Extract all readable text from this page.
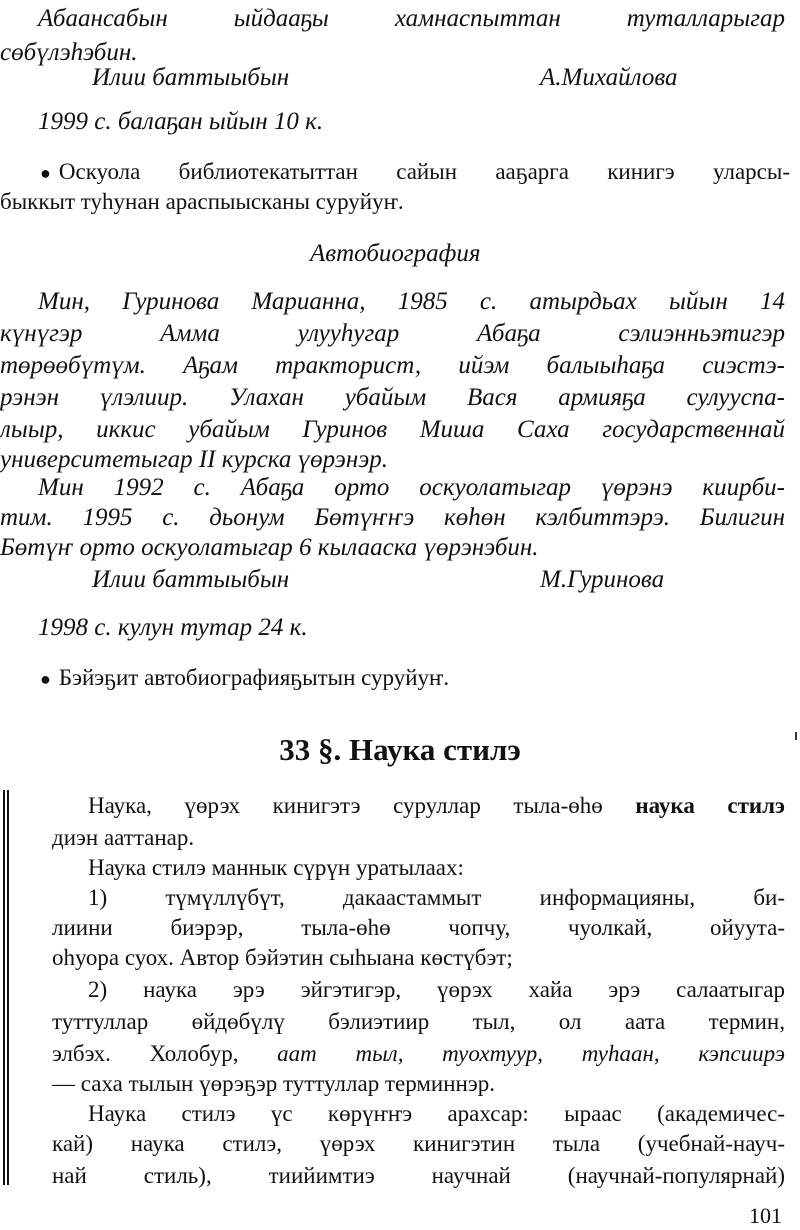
Абаансабын ыйдааҕы хамнаспыттан туталларыгар
сөбүлэһэбин.
Илии баттыыбын	А.Михайлова
1999 с. балаҕан ыйын 10 к.
● Оскуола библиотекатыттан сайын ааҕарга кинигэ уларсы-
быккыт туһунан араспыысканы суруйуҥ.
Автобиография
Мин, Гуринова Марианна, 1985 с. атырдьах ыйын 14
күнүгэр Амма улууһугар Абаҕа сэлиэнньэтигэр
төрөөбүтүм. Аҕам тракторист, ийэм балыыһаҕа сиэстэ-
рэнэн үлэлиир. Улахан убайым Вася армияҕа сулууспа-
лыыр, иккис убайым Гуринов Миша Саха государственнай
университетыгар II курска үөрэнэр.
Мин 1992 с. Абаҕа орто оскуолатыгар үөрэнэ киирби-
тим. 1995 с. дьонум Бөтүҥҥэ көһөн кэлбиттэрэ. Билигин
Бөтүҥ орто оскуолатыгар 6 кылааска үөрэнэбин.
Илии баттыыбын	М.Гуринова
1998 с. кулун тутар 24 к.
● Бэйэҕит автобиографияҕытын суруйуҥ.
33 §. Наука стилэ
Наука, үөрэх кинигэтэ суруллар тыла-өһө наука стилэ
диэн ааттанар.
Наука стилэ маннык сүрүн уратылаах:
1) түмүллүбүт, дакаастаммыт информацияны, би-
лиини биэрэр, тыла-өһө чопчу, чуолкай, ойуута-
оһуора суох. Автор бэйэтин сыһыана көстүбэт;
2) наука эрэ эйгэтигэр, үөрэх хайа эрэ салаатыгар
туттуллар өйдөбүлү бэлиэтиир тыл, ол аата термин,
элбэх. Холобур, аат тыл, туохтуур, туһаан, кэпсиирэ
— саха тылын үөрэҕэр туттуллар терминнэр.
Наука стилэ үс көрүҥҥэ арахсар: ыраас (академичес-
кай) наука стилэ, үөрэх кинигэтин тыла (учебнай-науч-
най стиль), тиийимтиэ научнай (научнай-популярнай)
101
